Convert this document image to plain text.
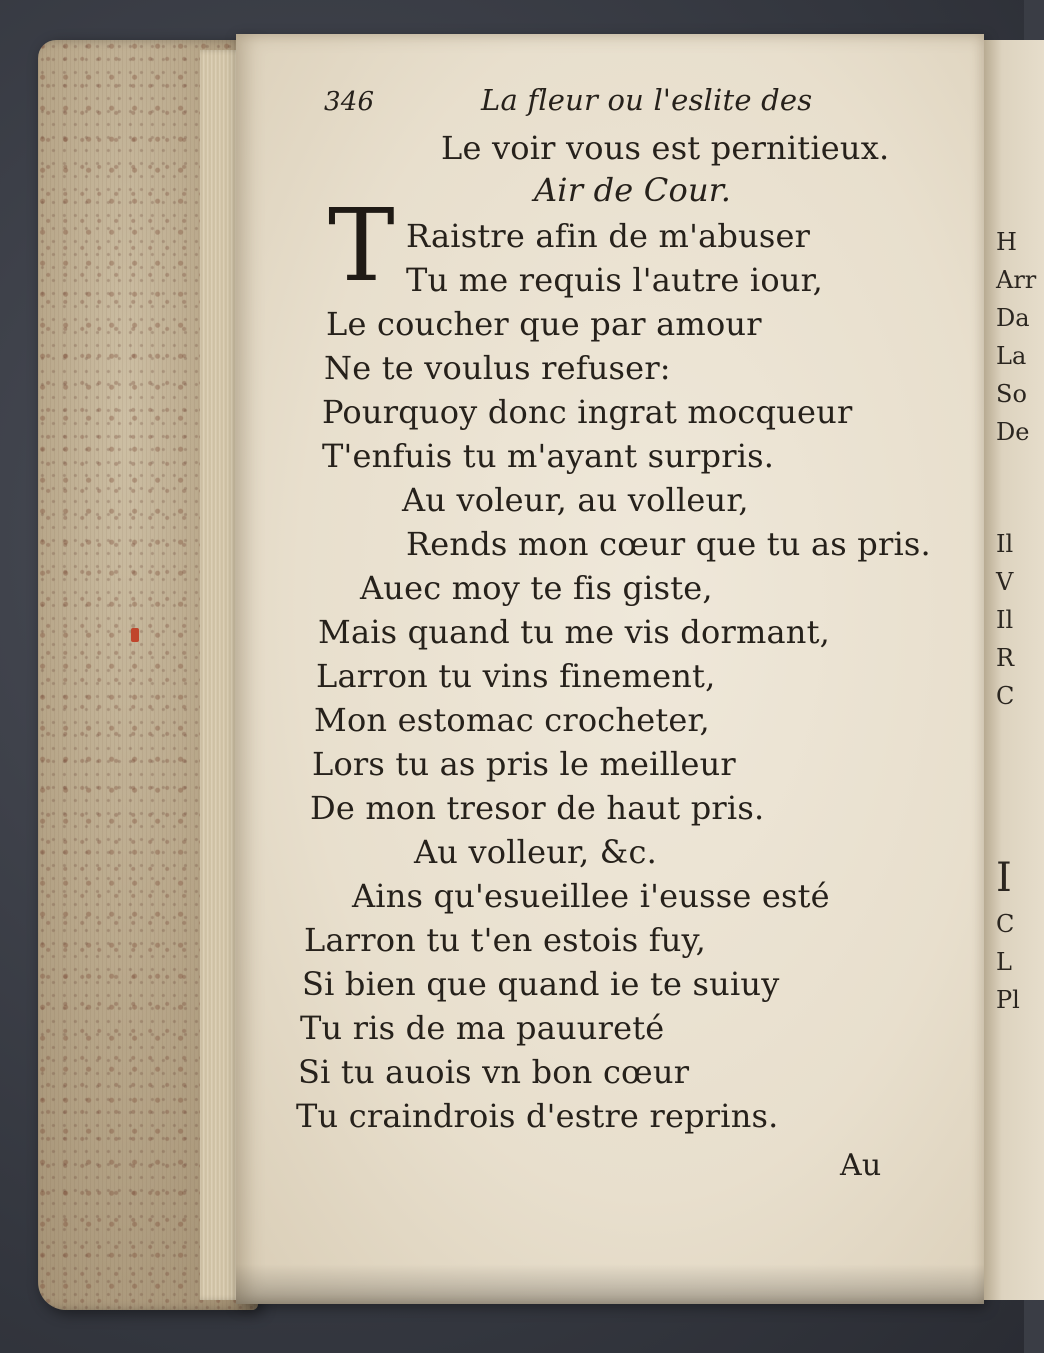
346	La fleur ou l'eslite des
Le voir vous est pernitieux.
Air de Cour.
T Raistre afin de m'abuser
Tu me requis l'autre iour,
Le coucher que par amour
Ne te voulus refuser:
Pourquoy donc ingrat mocqueur
T'enfuis tu m'ayant surpris.
Au voleur, au volleur,
Rends mon cœur que tu as pris.
Auec moy te fis giste,
Mais quand tu me vis dormant,
Larron tu vins finement,
Mon estomac crocheter,
Lors tu as pris le meilleur
De mon tresor de haut pris.
Au volleur, &c.
Ains qu'esueillee i'eusse esté
Larron tu t'en estois fuy,
Si bien que quand ie te suiuy
Tu ris de ma pauureté
Si tu auois vn bon cœur
Tu craindrois d'estre reprins.
Au
H
Arr
Da
La
So
De
Il
V
Il
R
C
I
C
L
Pl
